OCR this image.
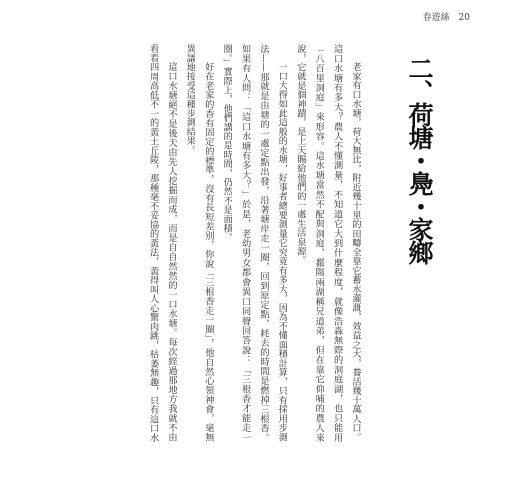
春遊絲 20
二、荷塘・鳧・家鄉
老家有口水塘，荷大無比，附近幾十里的田疇全靠它蓄水灌溉，效益之大，養活幾十萬人口。
這口水塘有多大？農人不懂測量，不知道它大到什麼程度，就像浩淼無際的洞庭湖，也只能用
「八百里洞庭」來形容。這水塘當然不配與洞庭、鄱陽兩湖稱兄道弟，但在靠它仰哺的農人來
說，它就是個神蹟，是上天賜給他們的一處生活泉源。
一口大得如此這般的水塘，好事者總要測量它究竟有多大，因為不懂面積計算，只有採用步測
法——那就是由塘的一處定點出發，沿著塘岸走一圈，回到原定點，耗去的時間是燃掉三根香。
如果有人問：「這口水塘有多大？」於是，老幼男女都會異口同聲回答說：「三根香才能走一
圈。」實際上，他們講的是時間，仍然不是面積。
好在老家的香有固定的標準，沒有長短差別，你說「三根香走一圈」，他自然心領神會，毫無
異議地接受這種步測結果。
這口水塘絕不是後天由先人挖掘而成，而是自自然然的一口水塘。每次經過那地方我就不由
看看四周高低不一的黃土丘陵，那種毫不妥協的黃法，黃得叫人心驚肉跳，枯萎無趣，只有這口水
